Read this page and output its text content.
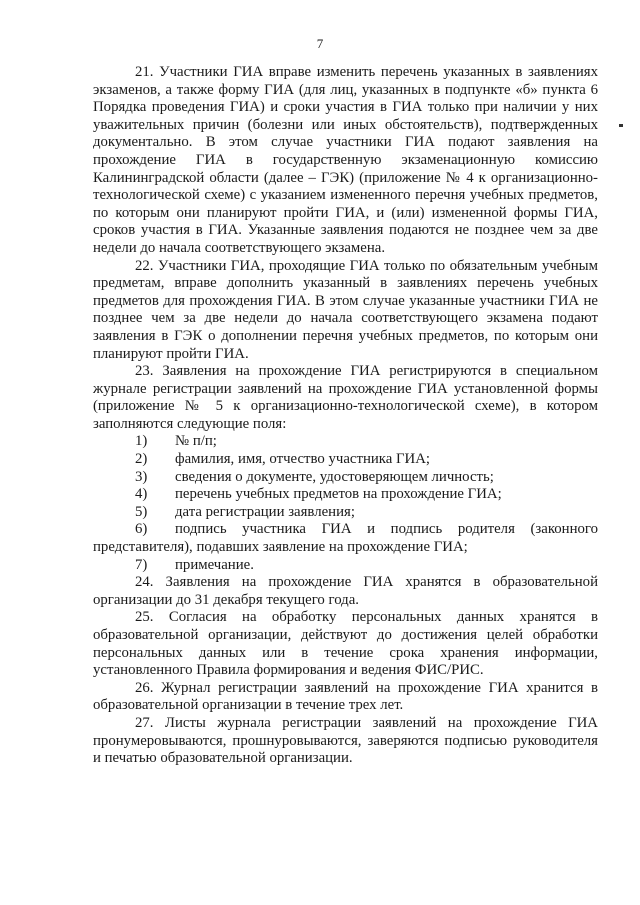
7

21. Участники ГИА вправе изменить перечень указанных в заявлениях экзаменов, а также форму ГИА (для лиц, указанных в подпункте «б» пункта 6 Порядка проведения ГИА) и сроки участия в ГИА только при наличии у них уважительных причин (болезни или иных обстоятельств), подтвержденных документально. В этом случае участники ГИА подают заявления на прохождение ГИА в государственную экзаменационную комиссию Калининградской области (далее – ГЭК) (приложение № 4 к организационно-технологической схеме) с указанием измененного перечня учебных предметов, по которым они планируют пройти ГИА, и (или) измененной формы ГИА, сроков участия в ГИА. Указанные заявления подаются не позднее чем за две недели до начала соответствующего экзамена.

22. Участники ГИА, проходящие ГИА только по обязательным учебным предметам, вправе дополнить указанный в заявлениях перечень учебных предметов для прохождения ГИА. В этом случае указанные участники ГИА не позднее чем за две недели до начала соответствующего экзамена подают заявления в ГЭК о дополнении перечня учебных предметов, по которым они планируют пройти ГИА.

23. Заявления на прохождение ГИА регистрируются в специальном журнале регистрации заявлений на прохождение ГИА установленной формы (приложение № 5 к организационно-технологической схеме), в котором заполняются следующие поля:

1) № п/п;

2) фамилия, имя, отчество участника ГИА;

3) сведения о документе, удостоверяющем личность;

4) перечень учебных предметов на прохождение ГИА;

5) дата регистрации заявления;

6) подпись участника ГИА и подпись родителя (законного представителя), подавших заявление на прохождение ГИА;

7) примечание.

24. Заявления на прохождение ГИА хранятся в образовательной организации до 31 декабря текущего года.

25. Согласия на обработку персональных данных хранятся в образовательной организации, действуют до достижения целей обработки персональных данных или в течение срока хранения информации, установленного Правила формирования и ведения ФИС/РИС.

26. Журнал регистрации заявлений на прохождение ГИА хранится в образовательной организации в течение трех лет.

27. Листы журнала регистрации заявлений на прохождение ГИА пронумеровываются, прошнуровываются, заверяются подписью руководителя и печатью образовательной организации.
